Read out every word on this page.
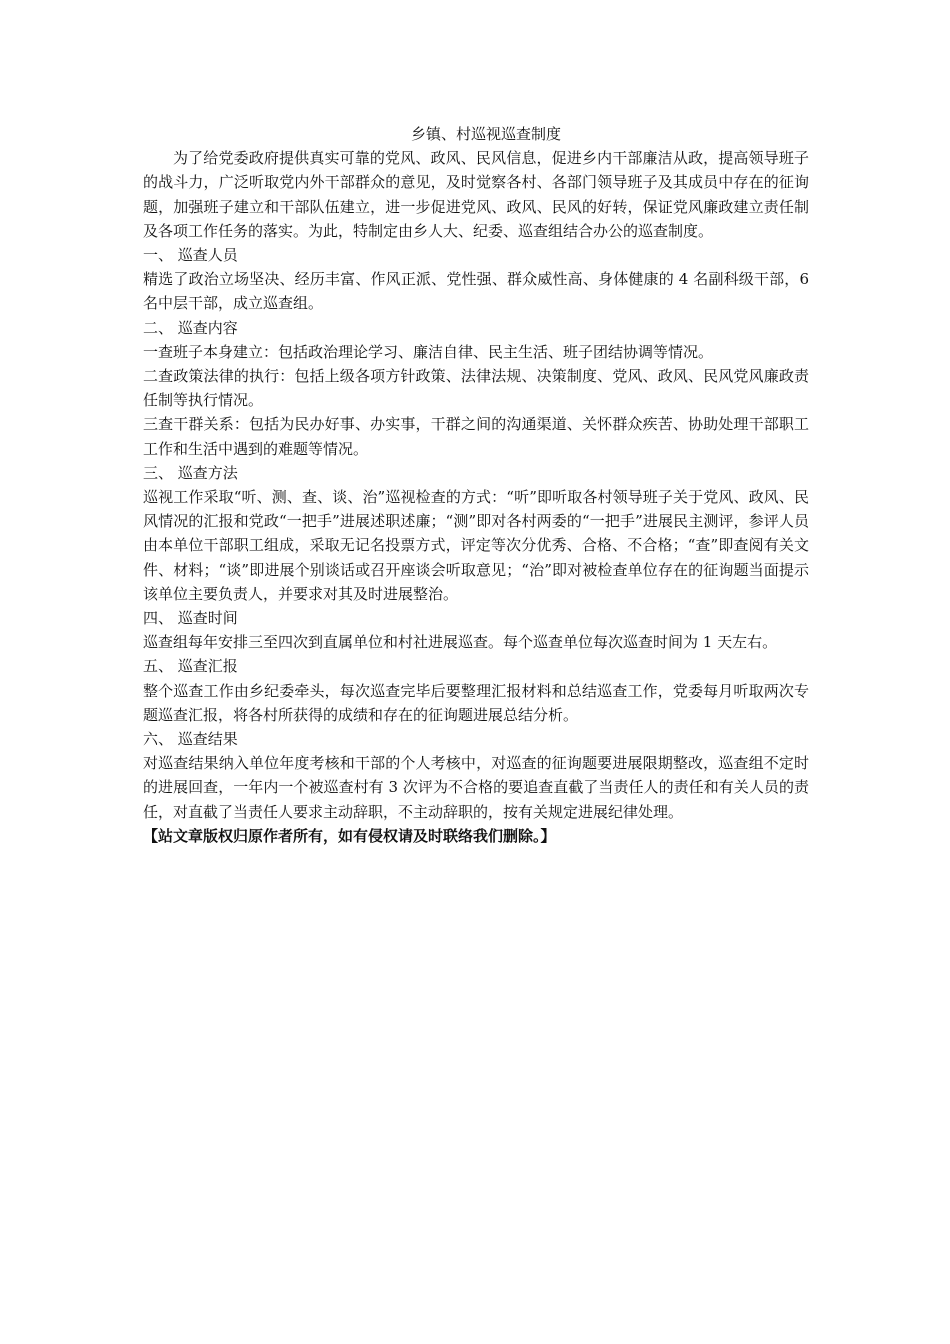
乡镇、村巡视巡查制度

为了给党委政府提供真实可靠的党风、政风、民风信息，促进乡内干部廉洁从政，提高领导班子的战斗力，广泛听取党内外干部群众的意见，及时觉察各村、各部门领导班子及其成员中存在的征询题，加强班子建立和干部队伍建立，进一步促进党风、政风、民风的好转，保证党风廉政建立责任制及各项工作任务的落实。为此，特制定由乡人大、纪委、巡查组结合办公的巡查制度。

一、 巡查人员

精选了政治立场坚决、经历丰富、作风正派、党性强、群众威性高、身体健康的 4 名副科级干部，6 名中层干部，成立巡查组。

二、 巡查内容

一查班子本身建立：包括政治理论学习、廉洁自律、民主生活、班子团结协调等情况。

二查政策法律的执行：包括上级各项方针政策、法律法规、决策制度、党风、政风、民风党风廉政责任制等执行情况。

三查干群关系：包括为民办好事、办实事，干群之间的沟通渠道、关怀群众疾苦、协助处理干部职工工作和生活中遇到的难题等情况。

三、 巡查方法

巡视工作采取“听、测、查、谈、治”巡视检查的方式：“听”即听取各村领导班子关于党风、政风、民风情况的汇报和党政“一把手”进展述职述廉；“测”即对各村两委的“一把手”进展民主测评，参评人员由本单位干部职工组成，采取无记名投票方式，评定等次分优秀、合格、不合格；“查”即查阅有关文件、材料；“谈”即进展个别谈话或召开座谈会听取意见；“治”即对被检查单位存在的征询题当面提示该单位主要负责人，并要求对其及时进展整治。

四、 巡查时间

巡查组每年安排三至四次到直属单位和村社进展巡查。每个巡查单位每次巡查时间为 1 天左右。

五、 巡查汇报

整个巡查工作由乡纪委牵头，每次巡查完毕后要整理汇报材料和总结巡查工作，党委每月听取两次专题巡查汇报，将各村所获得的成绩和存在的征询题进展总结分析。

六、 巡查结果

对巡查结果纳入单位年度考核和干部的个人考核中，对巡查的征询题要进展限期整改，巡查组不定时的进展回查，一年内一个被巡查村有 3 次评为不合格的要追查直截了当责任人的责任和有关人员的责任，对直截了当责任人要求主动辞职，不主动辞职的，按有关规定进展纪律处理。

【站文章版权归原作者所有，如有侵权请及时联络我们删除。】
